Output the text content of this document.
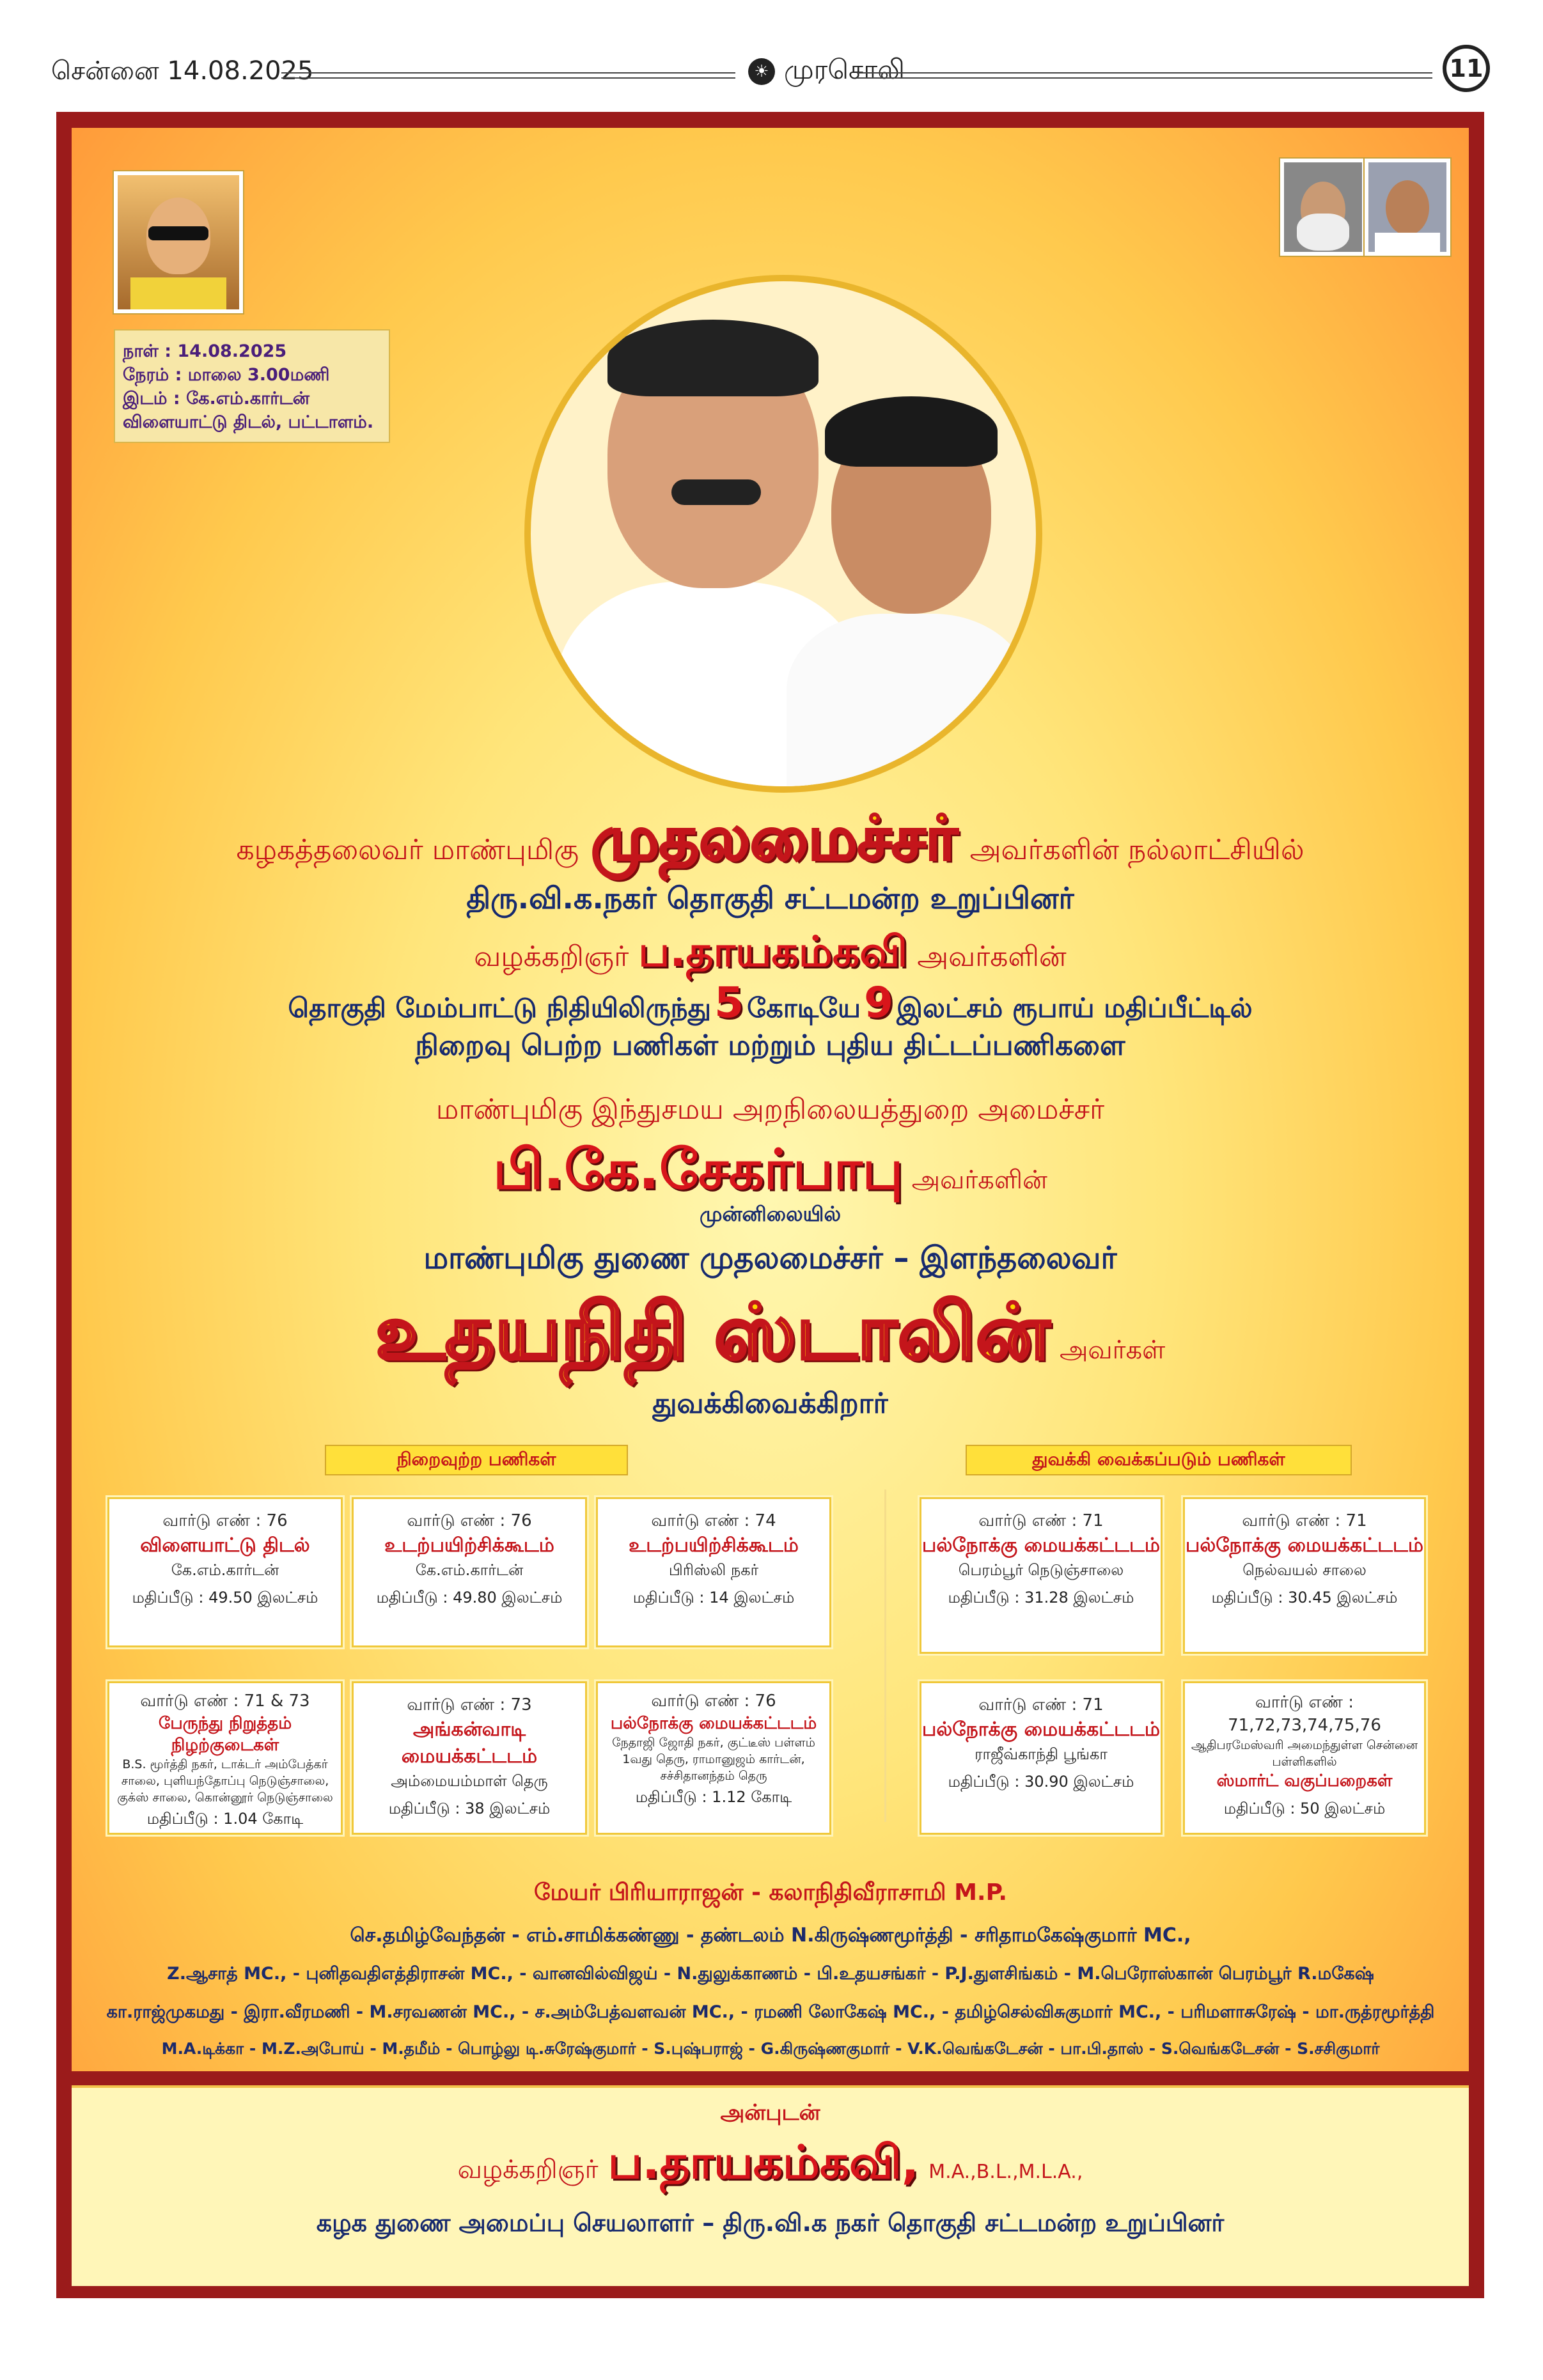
சென்னை 14.08.2025	☀ முரசொலி	11
நாள் : 14.08.2025
நேரம் : மாலை 3.00மணி
இடம் : கே.எம்.கார்டன்
விளையாட்டு திடல், பட்டாளம்.
கழகத்தலைவர் மாண்புமிகு முதலமைச்சர் அவர்களின் நல்லாட்சியில்
திரு.வி.க.நகர் தொகுதி சட்டமன்ற உறுப்பினர்
வழக்கறிஞர் ப.தாயகம்கவி அவர்களின்
தொகுதி மேம்பாட்டு நிதியிலிருந்து 5 கோடியே 9 இலட்சம் ரூபாய் மதிப்பீட்டில்
நிறைவு பெற்ற பணிகள் மற்றும் புதிய திட்டப்பணிகளை
மாண்புமிகு இந்துசமய அறநிலையத்துறை அமைச்சர்
பி.கே.சேகர்பாபு அவர்களின்
முன்னிலையில்
மாண்புமிகு துணை முதலமைச்சர் – இளந்தலைவர்
உதயநிதி ஸ்டாலின் அவர்கள்
துவக்கிவைக்கிறார்
நிறைவுற்ற பணிகள்	துவக்கி வைக்கப்படும் பணிகள்
வார்டு எண் : 76
விளையாட்டு திடல்
கே.எம்.கார்டன்
மதிப்பீடு : 49.50 இலட்சம்
வார்டு எண் : 76
உடற்பயிற்சிக்கூடம்
கே.எம்.கார்டன்
மதிப்பீடு : 49.80 இலட்சம்
வார்டு எண் : 74
உடற்பயிற்சிக்கூடம்
பிரிஸ்லி நகர்
மதிப்பீடு : 14 இலட்சம்
வார்டு எண் : 71 & 73
பேருந்து நிறுத்தம் நிழற்குடைகள்
B.S. மூர்த்தி நகர், டாக்டர் அம்பேத்கர் சாலை, புளியந்தோப்பு நெடுஞ்சாலை, குக்ஸ் சாலை, கொன்னூர் நெடுஞ்சாலை
மதிப்பீடு : 1.04 கோடி
வார்டு எண் : 73
அங்கன்வாடி மையக்கட்டடம்
அம்மையம்மாள் தெரு
மதிப்பீடு : 38 இலட்சம்
வார்டு எண் : 76
பல்நோக்கு மையக்கட்டடம்
நேதாஜி ஜோதி நகர், குட்டீஸ் பள்ளம் 1வது தெரு, ராமானுஜம் கார்டன், சச்சிதானந்தம் தெரு
மதிப்பீடு : 1.12 கோடி
வார்டு எண் : 71
பல்நோக்கு மையக்கட்டடம்
பெரம்பூர் நெடுஞ்சாலை
மதிப்பீடு : 31.28 இலட்சம்
வார்டு எண் : 71
பல்நோக்கு மையக்கட்டடம்
நெல்வயல் சாலை
மதிப்பீடு : 30.45 இலட்சம்
வார்டு எண் : 71
பல்நோக்கு மையக்கட்டடம்
ராஜீவ்காந்தி பூங்கா
மதிப்பீடு : 30.90 இலட்சம்
வார்டு எண் : 71,72,73,74,75,76
ஆதிபரமேஸ்வரி அமைந்துள்ள சென்னை பள்ளிகளில்
ஸ்மார்ட் வகுப்பறைகள்
மதிப்பீடு : 50 இலட்சம்
மேயர் பிரியாராஜன் - கலாநிதிவீராசாமி M.P.
செ.தமிழ்வேந்தன் - எம்.சாமிக்கண்ணு - தண்டலம் N.கிருஷ்ணமூர்த்தி - சரிதாமகேஷ்குமார் MC.,
Z.ஆசாத் MC., - புனிதவதிஎத்திராசன் MC., - வானவில்விஜய் - N.துலுக்காணம் - பி.உதயசங்கர் - P.J.துளசிங்கம் - M.பெரோஸ்கான் பெரம்பூர் R.மகேஷ்
கா.ராஜ்முகமது - இரா.வீரமணி - M.சரவணன் MC., - ச.அம்பேத்வளவன் MC., - ரமணி லோகேஷ் MC., - தமிழ்செல்விசுகுமார் MC., - பரிமளாசுரேஷ் - மா.ருத்ரமூர்த்தி
M.A.டிக்கா - M.Z.அபோய் - M.தமீம் - பொழ்லு டி.சுரேஷ்குமார் - S.புஷ்பராஜ் - G.கிருஷ்ணகுமார் - V.K.வெங்கடேசன் - பா.பி.தாஸ் - S.வெங்கடேசன் - S.சசிகுமார்
அன்புடன்
வழக்கறிஞர் ப.தாயகம்கவி, M.A.,B.L.,M.L.A.,
கழக துணை அமைப்பு செயலாளர் – திரு.வி.க நகர் தொகுதி சட்டமன்ற உறுப்பினர்
